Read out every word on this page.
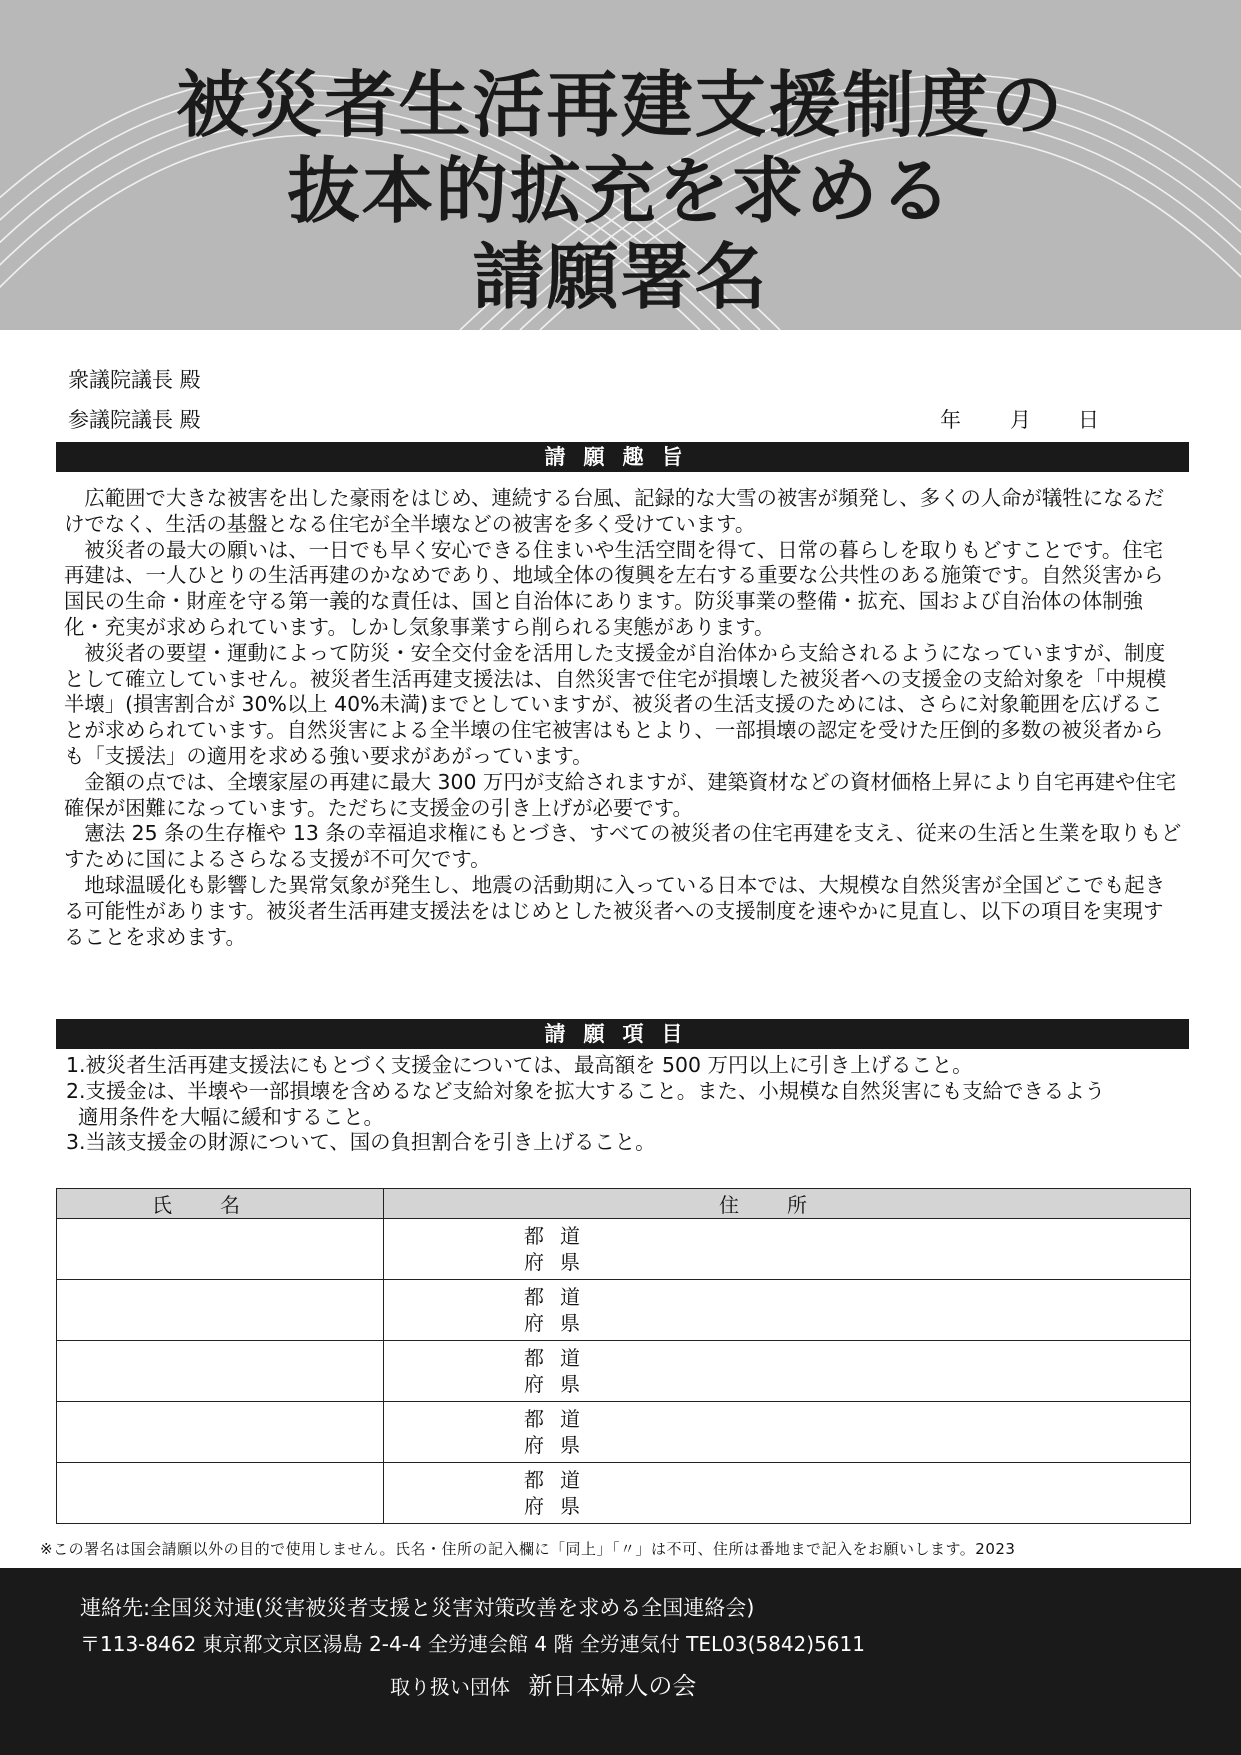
被災者生活再建支援制度の
抜本的拡充を求める
請願署名
衆議院議長 殿
参議院議長 殿	年 月 日
請願趣旨

広範囲で大きな被害を出した豪雨をはじめ、連続する台風、記録的な大雪の被害が頻発し、多くの人命が犠牲になるだけでなく、生活の基盤となる住宅が全半壊などの被害を多く受けています。

被災者の最大の願いは、一日でも早く安心できる住まいや生活空間を得て、日常の暮らしを取りもどすことです。住宅再建は、一人ひとりの生活再建のかなめであり、地域全体の復興を左右する重要な公共性のある施策です。自然災害から国民の生命・財産を守る第一義的な責任は、国と自治体にあります。防災事業の整備・拡充、国および自治体の体制強化・充実が求められています。しかし気象事業すら削られる実態があります。

被災者の要望・運動によって防災・安全交付金を活用した支援金が自治体から支給されるようになっていますが、制度として確立していません。被災者生活再建支援法は、自然災害で住宅が損壊した被災者への支援金の支給対象を「中規模半壊」(損害割合が 30%以上 40%未満)までとしていますが、被災者の生活支援のためには、さらに対象範囲を広げることが求められています。自然災害による全半壊の住宅被害はもとより、一部損壊の認定を受けた圧倒的多数の被災者からも「支援法」の適用を求める強い要求があがっています。

金額の点では、全壊家屋の再建に最大 300 万円が支給されますが、建築資材などの資材価格上昇により自宅再建や住宅確保が困難になっています。ただちに支援金の引き上げが必要です。

憲法 25 条の生存権や 13 条の幸福追求権にもとづき、すべての被災者の住宅再建を支え、従来の生活と生業を取りもどすために国によるさらなる支援が不可欠です。

地球温暖化も影響した異常気象が発生し、地震の活動期に入っている日本では、大規模な自然災害が全国どこでも起きる可能性があります。被災者生活再建支援法をはじめとした被災者への支援制度を速やかに見直し、以下の項目を実現することを求めます。

請願項目
1.被災者生活再建支援法にもとづく支援金については、最高額を 500 万円以上に引き上げること。
2.支援金は、半壊や一部損壊を含めるなど支給対象を拡大すること。また、小規模な自然災害にも支給できるよう
適用条件を大幅に緩和すること。
3.当該支援金の財源について、国の負担割合を引き上げること。
氏名	住所

	都道
府県

	都道
府県

	都道
府県

	都道
府県

	都道
府県
※この署名は国会請願以外の目的で使用しません。氏名・住所の記入欄に「同上」「〃」は不可、住所は番地まで記入をお願いします。2023
連絡先:全国災対連(災害被災者支援と災害対策改善を求める全国連絡会)
〒113-8462 東京都文京区湯島 2-4-4 全労連会館 4 階 全労連気付 TEL03(5842)5611
取り扱い団体 新日本婦人の会
